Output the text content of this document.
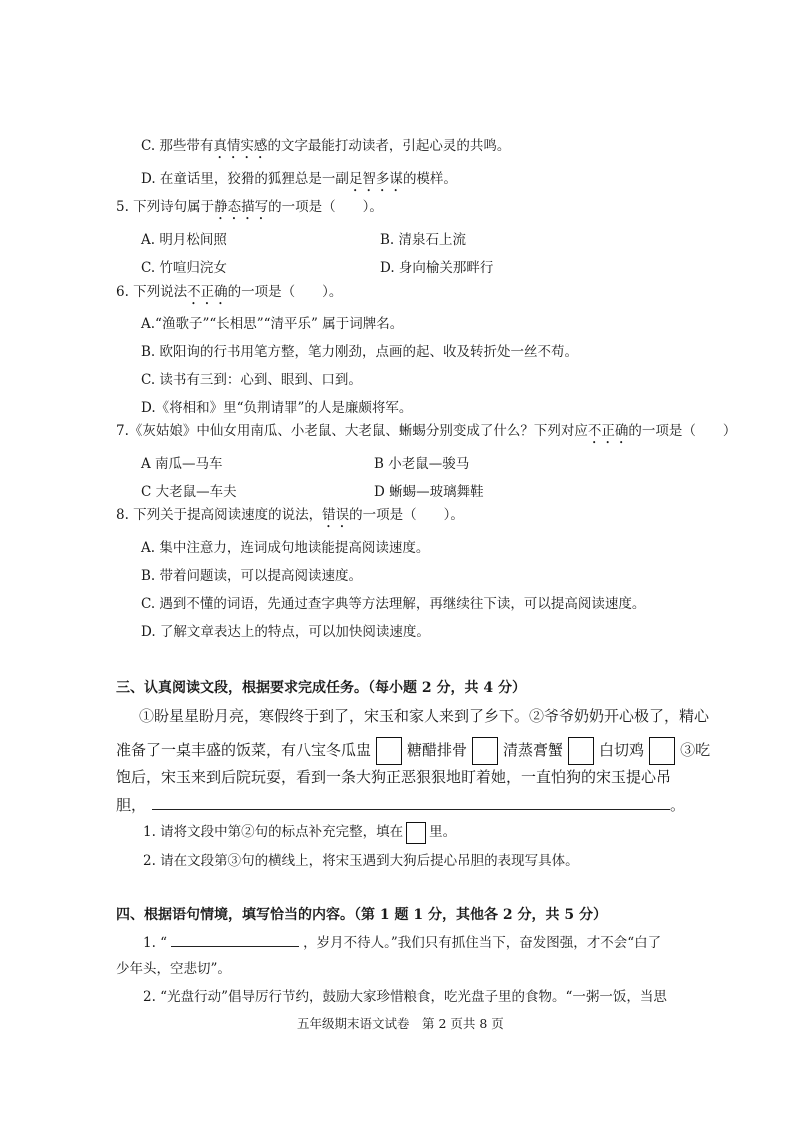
C. 那些带有真情实感的文字最能打动读者，引起心灵的共鸣。
D. 在童话里，狡猾的狐狸总是一副足智多谋的模样。
5. 下列诗句属于静态描写的一项是（　　）。
A. 明月松间照	B. 清泉石上流
C. 竹喧归浣女	D. 身向榆关那畔行
6. 下列说法不正确的一项是（　　）。
A.“渔歌子”“长相思”“清平乐” 属于词牌名。
B. 欧阳询的行书用笔方整，笔力刚劲，点画的起、收及转折处一丝不苟。
C. 读书有三到：心到、眼到、口到。
D.《将相和》里“负荆请罪”的人是廉颇将军。
7.《灰姑娘》中仙女用南瓜、小老鼠、大老鼠、蜥蜴分别变成了什么？下列对应不正确的一项是（　　）
A 南瓜—马车	B 小老鼠—骏马
C 大老鼠—车夫	D 蜥蜴—玻璃舞鞋
8. 下列关于提高阅读速度的说法，错误的一项是（　　）。
A. 集中注意力，连词成句地读能提高阅读速度。
B. 带着问题读，可以提高阅读速度。
C. 遇到不懂的词语，先通过查字典等方法理解，再继续往下读，可以提高阅读速度。
D. 了解文章表达上的特点，可以加快阅读速度。
三、认真阅读文段，根据要求完成任务。（每小题 2 分，共 4 分）
①盼星星盼月亮，寒假终于到了，宋玉和家人来到了乡下。②爷爷奶奶开心极了，精心
准备了一桌丰盛的饭菜，有八宝冬瓜盅 糖醋排骨 清蒸膏蟹 白切鸡 ③吃
饱后，宋玉来到后院玩耍，看到一条大狗正恶狠狠地盯着她，一直怕狗的宋玉提心吊
胆，	。
1. 请将文段中第②句的标点补充完整，填在 里。
2. 请在文段第③句的横线上，将宋玉遇到大狗后提心吊胆的表现写具体。
四、根据语句情境，填写恰当的内容。（第 1 题 1 分，其他各 2 分，共 5 分）
1. “	，岁月不待人。”我们只有抓住当下，奋发图强，才不会“白了
少年头，空悲切”。
2. “光盘行动”倡导厉行节约，鼓励大家珍惜粮食，吃光盘子里的食物。“一粥一饭，当思
五年级期末语文试卷　第 2 页共 8 页
